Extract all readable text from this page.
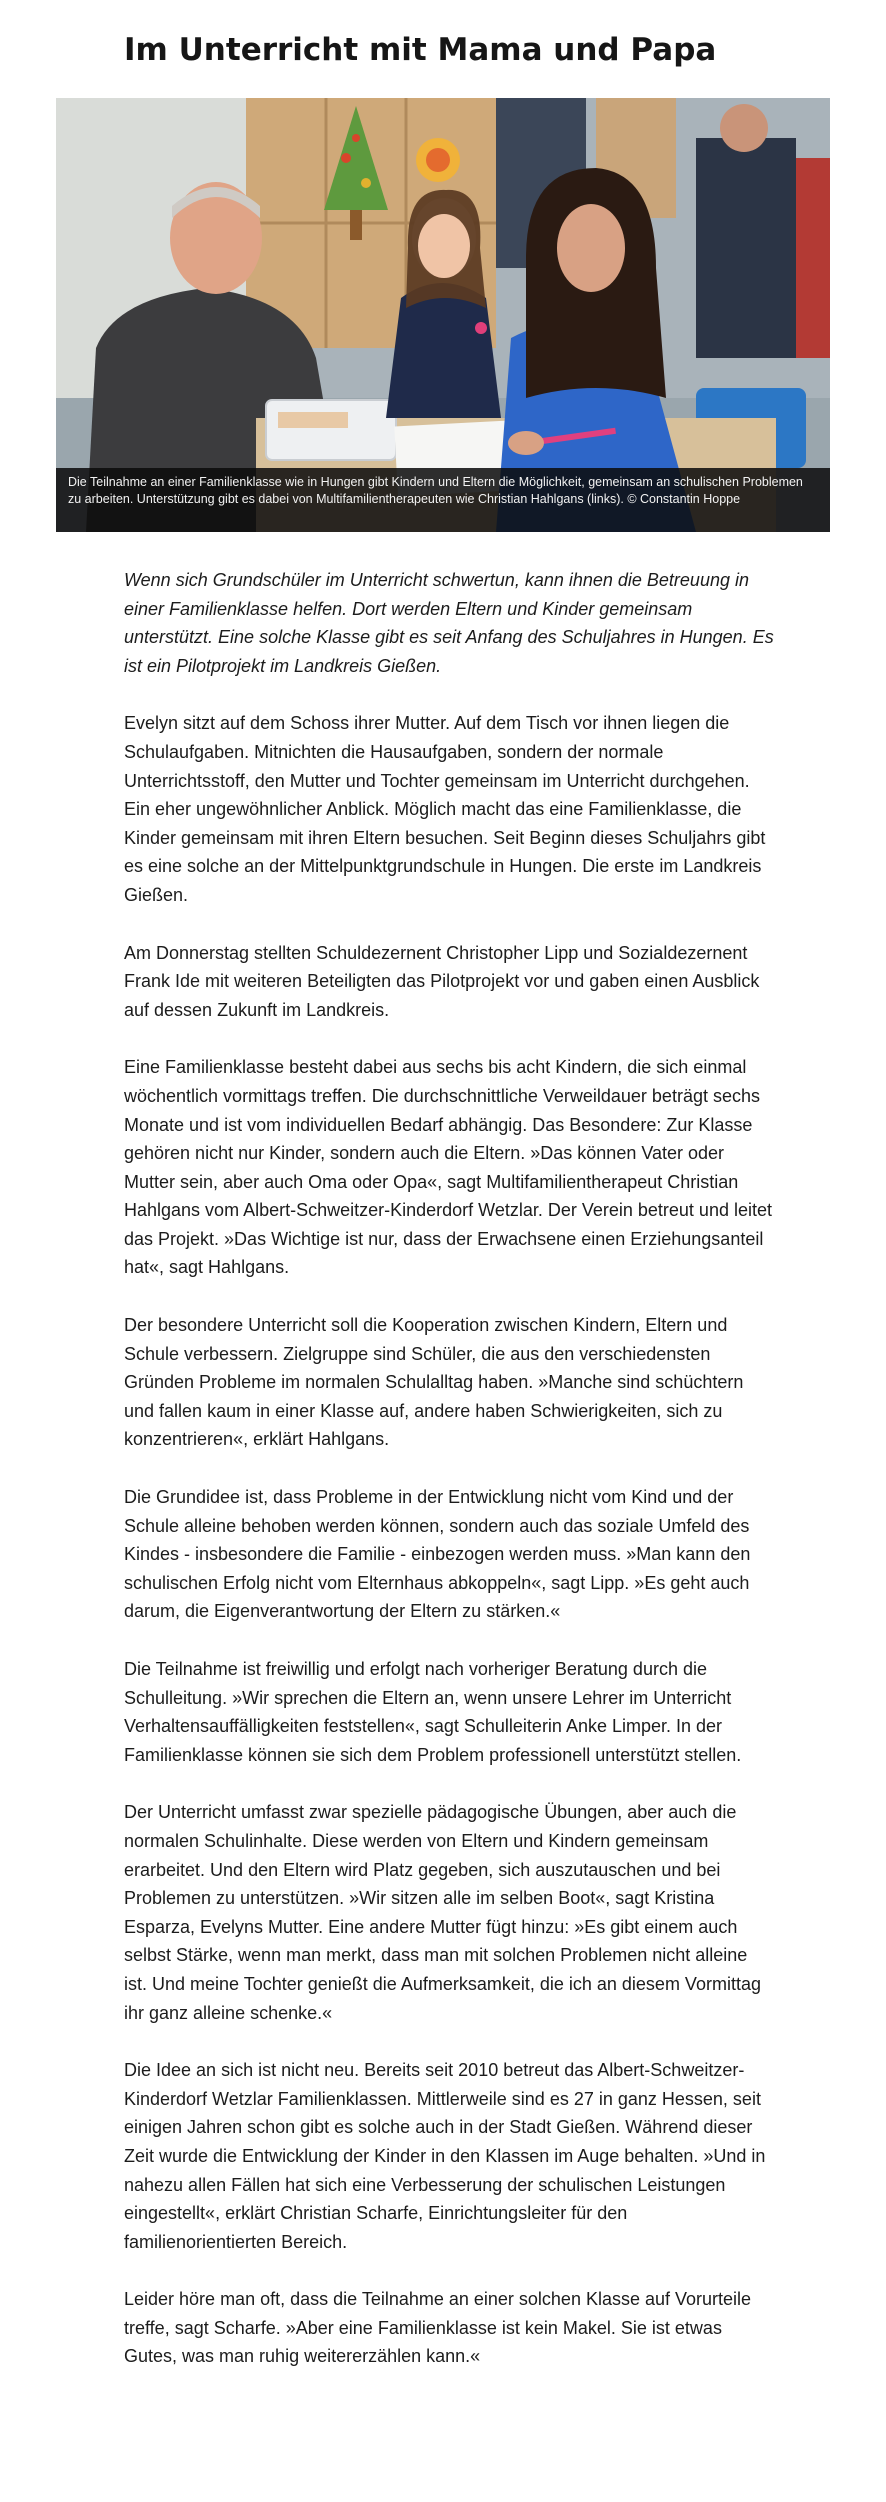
Im Unterricht mit Mama und Papa
Die Teilnahme an einer Familienklasse wie in Hungen gibt Kindern und Eltern die Möglichkeit, gemeinsam an schulischen Problemen zu arbeiten. Unterstützung gibt es dabei von Multifamilientherapeuten wie Christian Hahlgans (links). © Constantin Hoppe

Wenn sich Grundschüler im Unterricht schwertun, kann ihnen die Betreuung in einer Familienklasse helfen. Dort werden Eltern und Kinder gemeinsam unterstützt. Eine solche Klasse gibt es seit Anfang des Schuljahres in Hungen. Es ist ein Pilotprojekt im Landkreis Gießen.

Evelyn sitzt auf dem Schoss ihrer Mutter. Auf dem Tisch vor ihnen liegen die Schulaufgaben. Mitnichten die Hausaufgaben, sondern der normale Unterrichtsstoff, den Mutter und Tochter gemeinsam im Unterricht durchgehen. Ein eher ungewöhnlicher Anblick. Möglich macht das eine Familienklasse, die Kinder gemeinsam mit ihren Eltern besuchen. Seit Beginn dieses Schuljahrs gibt es eine solche an der Mittelpunktgrundschule in Hungen. Die erste im Landkreis Gießen.

Am Donnerstag stellten Schuldezernent Christopher Lipp und Sozialdezernent Frank Ide mit weiteren Beteiligten das Pilotprojekt vor und gaben einen Ausblick auf dessen Zukunft im Landkreis.

Eine Familienklasse besteht dabei aus sechs bis acht Kindern, die sich einmal wöchentlich vormittags treffen. Die durchschnittliche Verweildauer beträgt sechs Monate und ist vom individuellen Bedarf abhängig. Das Besondere: Zur Klasse gehören nicht nur Kinder, sondern auch die Eltern. »Das können Vater oder Mutter sein, aber auch Oma oder Opa«, sagt Multifamilientherapeut Christian Hahlgans vom Albert-Schweitzer-Kinderdorf Wetzlar. Der Verein betreut und leitet das Projekt. »Das Wichtige ist nur, dass der Erwachsene einen Erziehungsanteil hat«, sagt Hahlgans.

Der besondere Unterricht soll die Kooperation zwischen Kindern, Eltern und Schule verbessern. Zielgruppe sind Schüler, die aus den verschiedensten Gründen Probleme im normalen Schulalltag haben. »Manche sind schüchtern und fallen kaum in einer Klasse auf, andere haben Schwierigkeiten, sich zu konzentrieren«, erklärt Hahlgans.

Die Grundidee ist, dass Probleme in der Entwicklung nicht vom Kind und der Schule alleine behoben werden können, sondern auch das soziale Umfeld des Kindes - insbesondere die Familie - einbezogen werden muss. »Man kann den schulischen Erfolg nicht vom Elternhaus abkoppeln«, sagt Lipp. »Es geht auch darum, die Eigenverantwortung der Eltern zu stärken.«

Die Teilnahme ist freiwillig und erfolgt nach vorheriger Beratung durch die Schulleitung. »Wir sprechen die Eltern an, wenn unsere Lehrer im Unterricht Verhaltensauffälligkeiten feststellen«, sagt Schulleiterin Anke Limper. In der Familienklasse können sie sich dem Problem professionell unterstützt stellen.

Der Unterricht umfasst zwar spezielle pädagogische Übungen, aber auch die normalen Schulinhalte. Diese werden von Eltern und Kindern gemeinsam erarbeitet. Und den Eltern wird Platz gegeben, sich auszutauschen und bei Problemen zu unterstützen. »Wir sitzen alle im selben Boot«, sagt Kristina Esparza, Evelyns Mutter. Eine andere Mutter fügt hinzu: »Es gibt einem auch selbst Stärke, wenn man merkt, dass man mit solchen Problemen nicht alleine ist. Und meine Tochter genießt die Aufmerksamkeit, die ich an diesem Vormittag ihr ganz alleine schenke.«

Die Idee an sich ist nicht neu. Bereits seit 2010 betreut das Albert-Schweitzer-Kinderdorf Wetzlar Familienklassen. Mittlerweile sind es 27 in ganz Hessen, seit einigen Jahren schon gibt es solche auch in der Stadt Gießen. Während dieser Zeit wurde die Entwicklung der Kinder in den Klassen im Auge behalten. »Und in nahezu allen Fällen hat sich eine Verbesserung der schulischen Leistungen eingestellt«, erklärt Christian Scharfe, Einrichtungsleiter für den familienorientierten Bereich.

Leider höre man oft, dass die Teilnahme an einer solchen Klasse auf Vorurteile treffe, sagt Scharfe. »Aber eine Familienklasse ist kein Makel. Sie ist etwas Gutes, was man ruhig weitererzählen kann.«
